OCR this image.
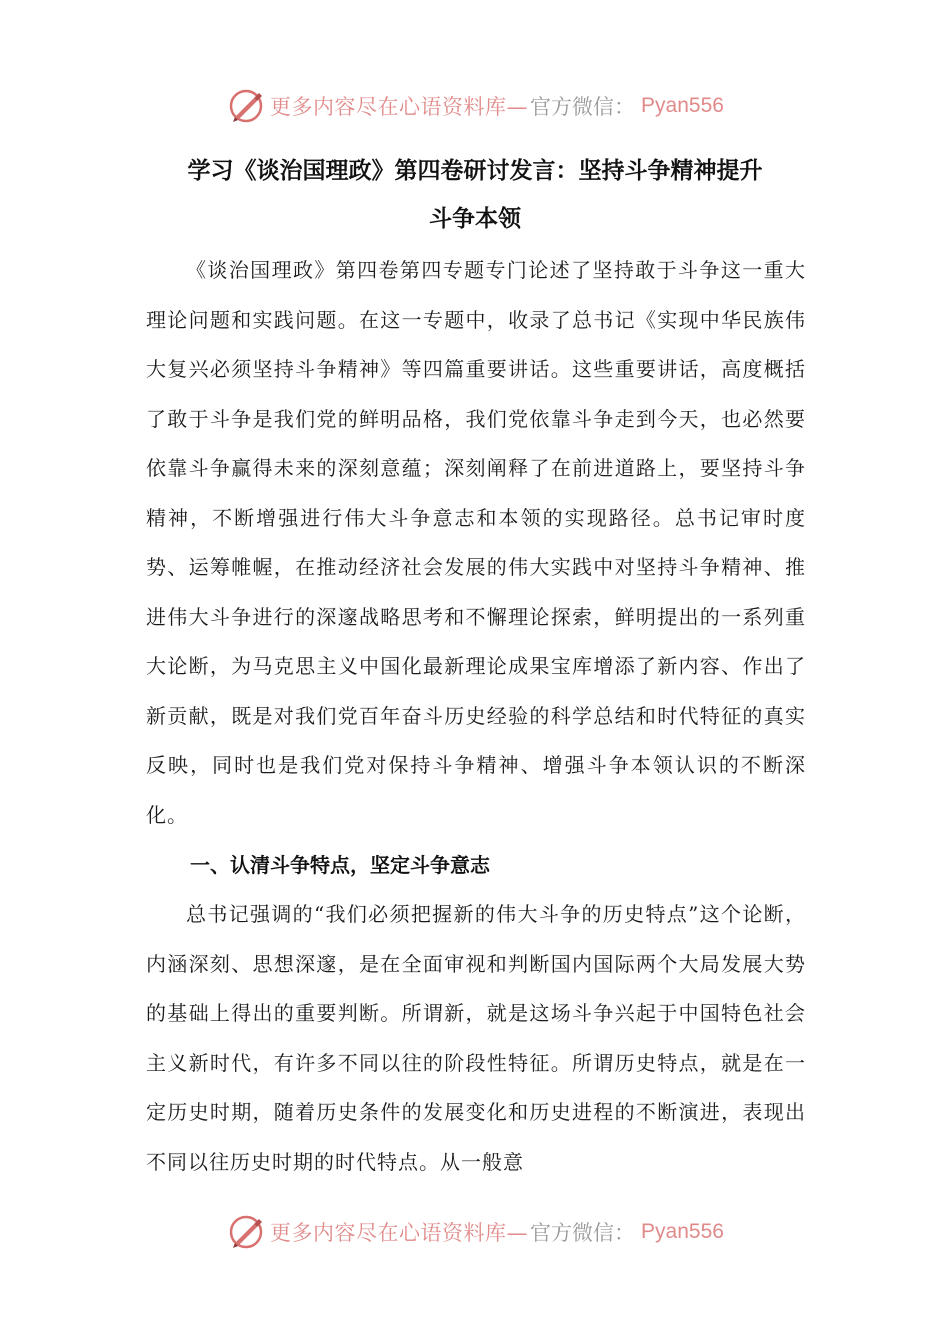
更多内容尽在心语资料库— 官方微信： Pyan556
学习《谈治国理政》第四卷研讨发言：坚持斗争精神提升
斗争本领

《谈治国理政》第四卷第四专题专门论述了坚持敢于斗争这一重大理论问题和实践问题。在这一专题中，收录了总书记《实现中华民族伟大复兴必须坚持斗争精神》等四篇重要讲话。这些重要讲话，高度概括了敢于斗争是我们党的鲜明品格，我们党依靠斗争走到今天，也必然要依靠斗争赢得未来的深刻意蕴；深刻阐释了在前进道路上，要坚持斗争精神，不断增强进行伟大斗争意志和本领的实现路径。总书记审时度势、运筹帷幄，在推动经济社会发展的伟大实践中对坚持斗争精神、推进伟大斗争进行的深邃战略思考和不懈理论探索，鲜明提出的一系列重大论断，为马克思主义中国化最新理论成果宝库增添了新内容、作出了新贡献，既是对我们党百年奋斗历史经验的科学总结和时代特征的真实反映，同时也是我们党对保持斗争精神、增强斗争本领认识的不断深化。

一、认清斗争特点，坚定斗争意志

总书记强调的“我们必须把握新的伟大斗争的历史特点”这个论断，内涵深刻、思想深邃，是在全面审视和判断国内国际两个大局发展大势的基础上得出的重要判断。所谓新，就是这场斗争兴起于中国特色社会主义新时代，有许多不同以往的阶段性特征。所谓历史特点，就是在一定历史时期，随着历史条件的发展变化和历史进程的不断演进，表现出不同以往历史时期的时代特点。从一般意

更多内容尽在心语资料库— 官方微信： Pyan556
